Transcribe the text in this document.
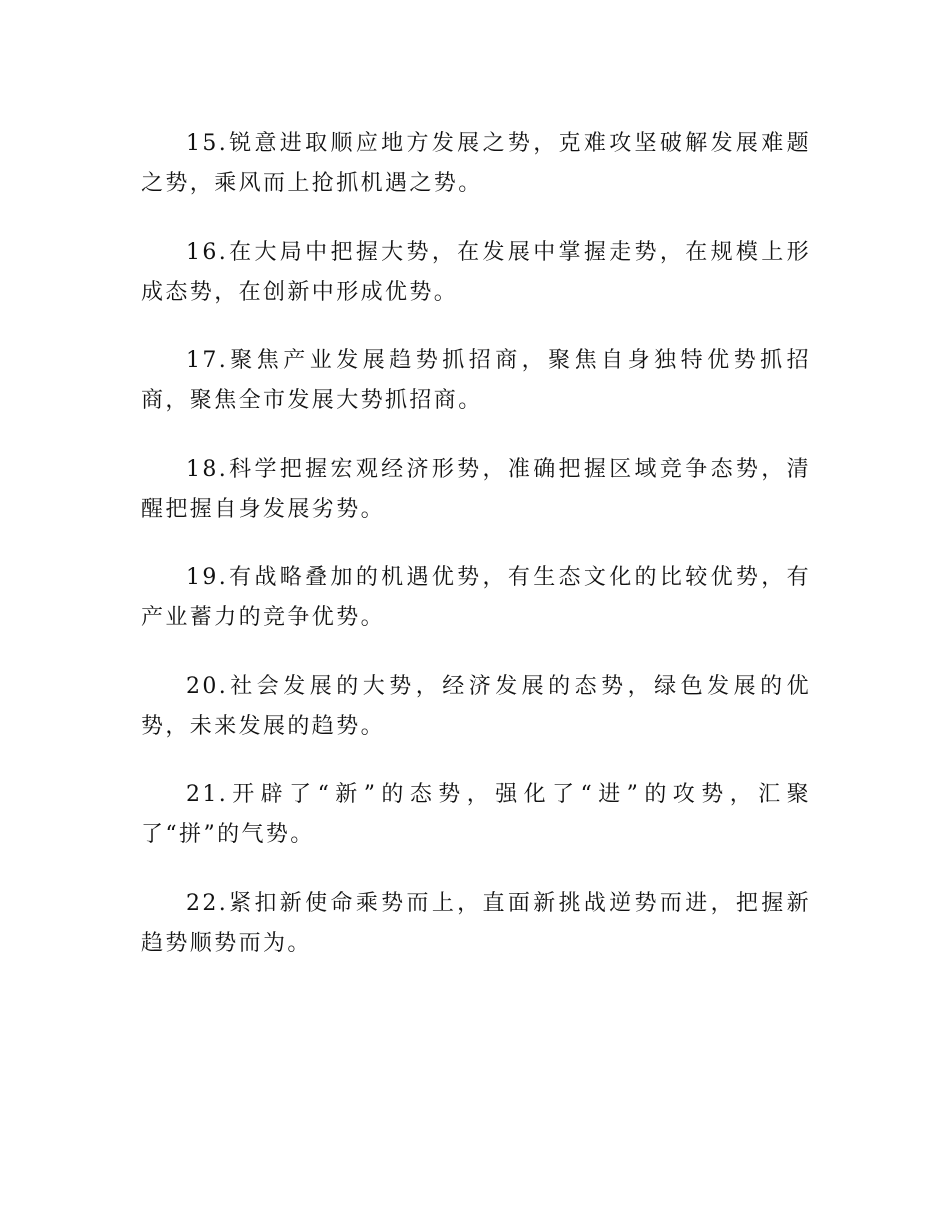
15.锐意进取顺应地方发展之势，克难攻坚破解发展难题之势，乘风而上抢抓机遇之势。

16.在大局中把握大势，在发展中掌握走势，在规模上形成态势，在创新中形成优势。

17.聚焦产业发展趋势抓招商，聚焦自身独特优势抓招商，聚焦全市发展大势抓招商。

18.科学把握宏观经济形势，准确把握区域竞争态势，清醒把握自身发展劣势。

19.有战略叠加的机遇优势，有生态文化的比较优势，有产业蓄力的竞争优势。

20.社会发展的大势，经济发展的态势，绿色发展的优势，未来发展的趋势。

21.开辟了“新”的态势，强化了“进”的攻势，汇聚了“拼”的气势。

22.紧扣新使命乘势而上，直面新挑战逆势而进，把握新趋势顺势而为。
